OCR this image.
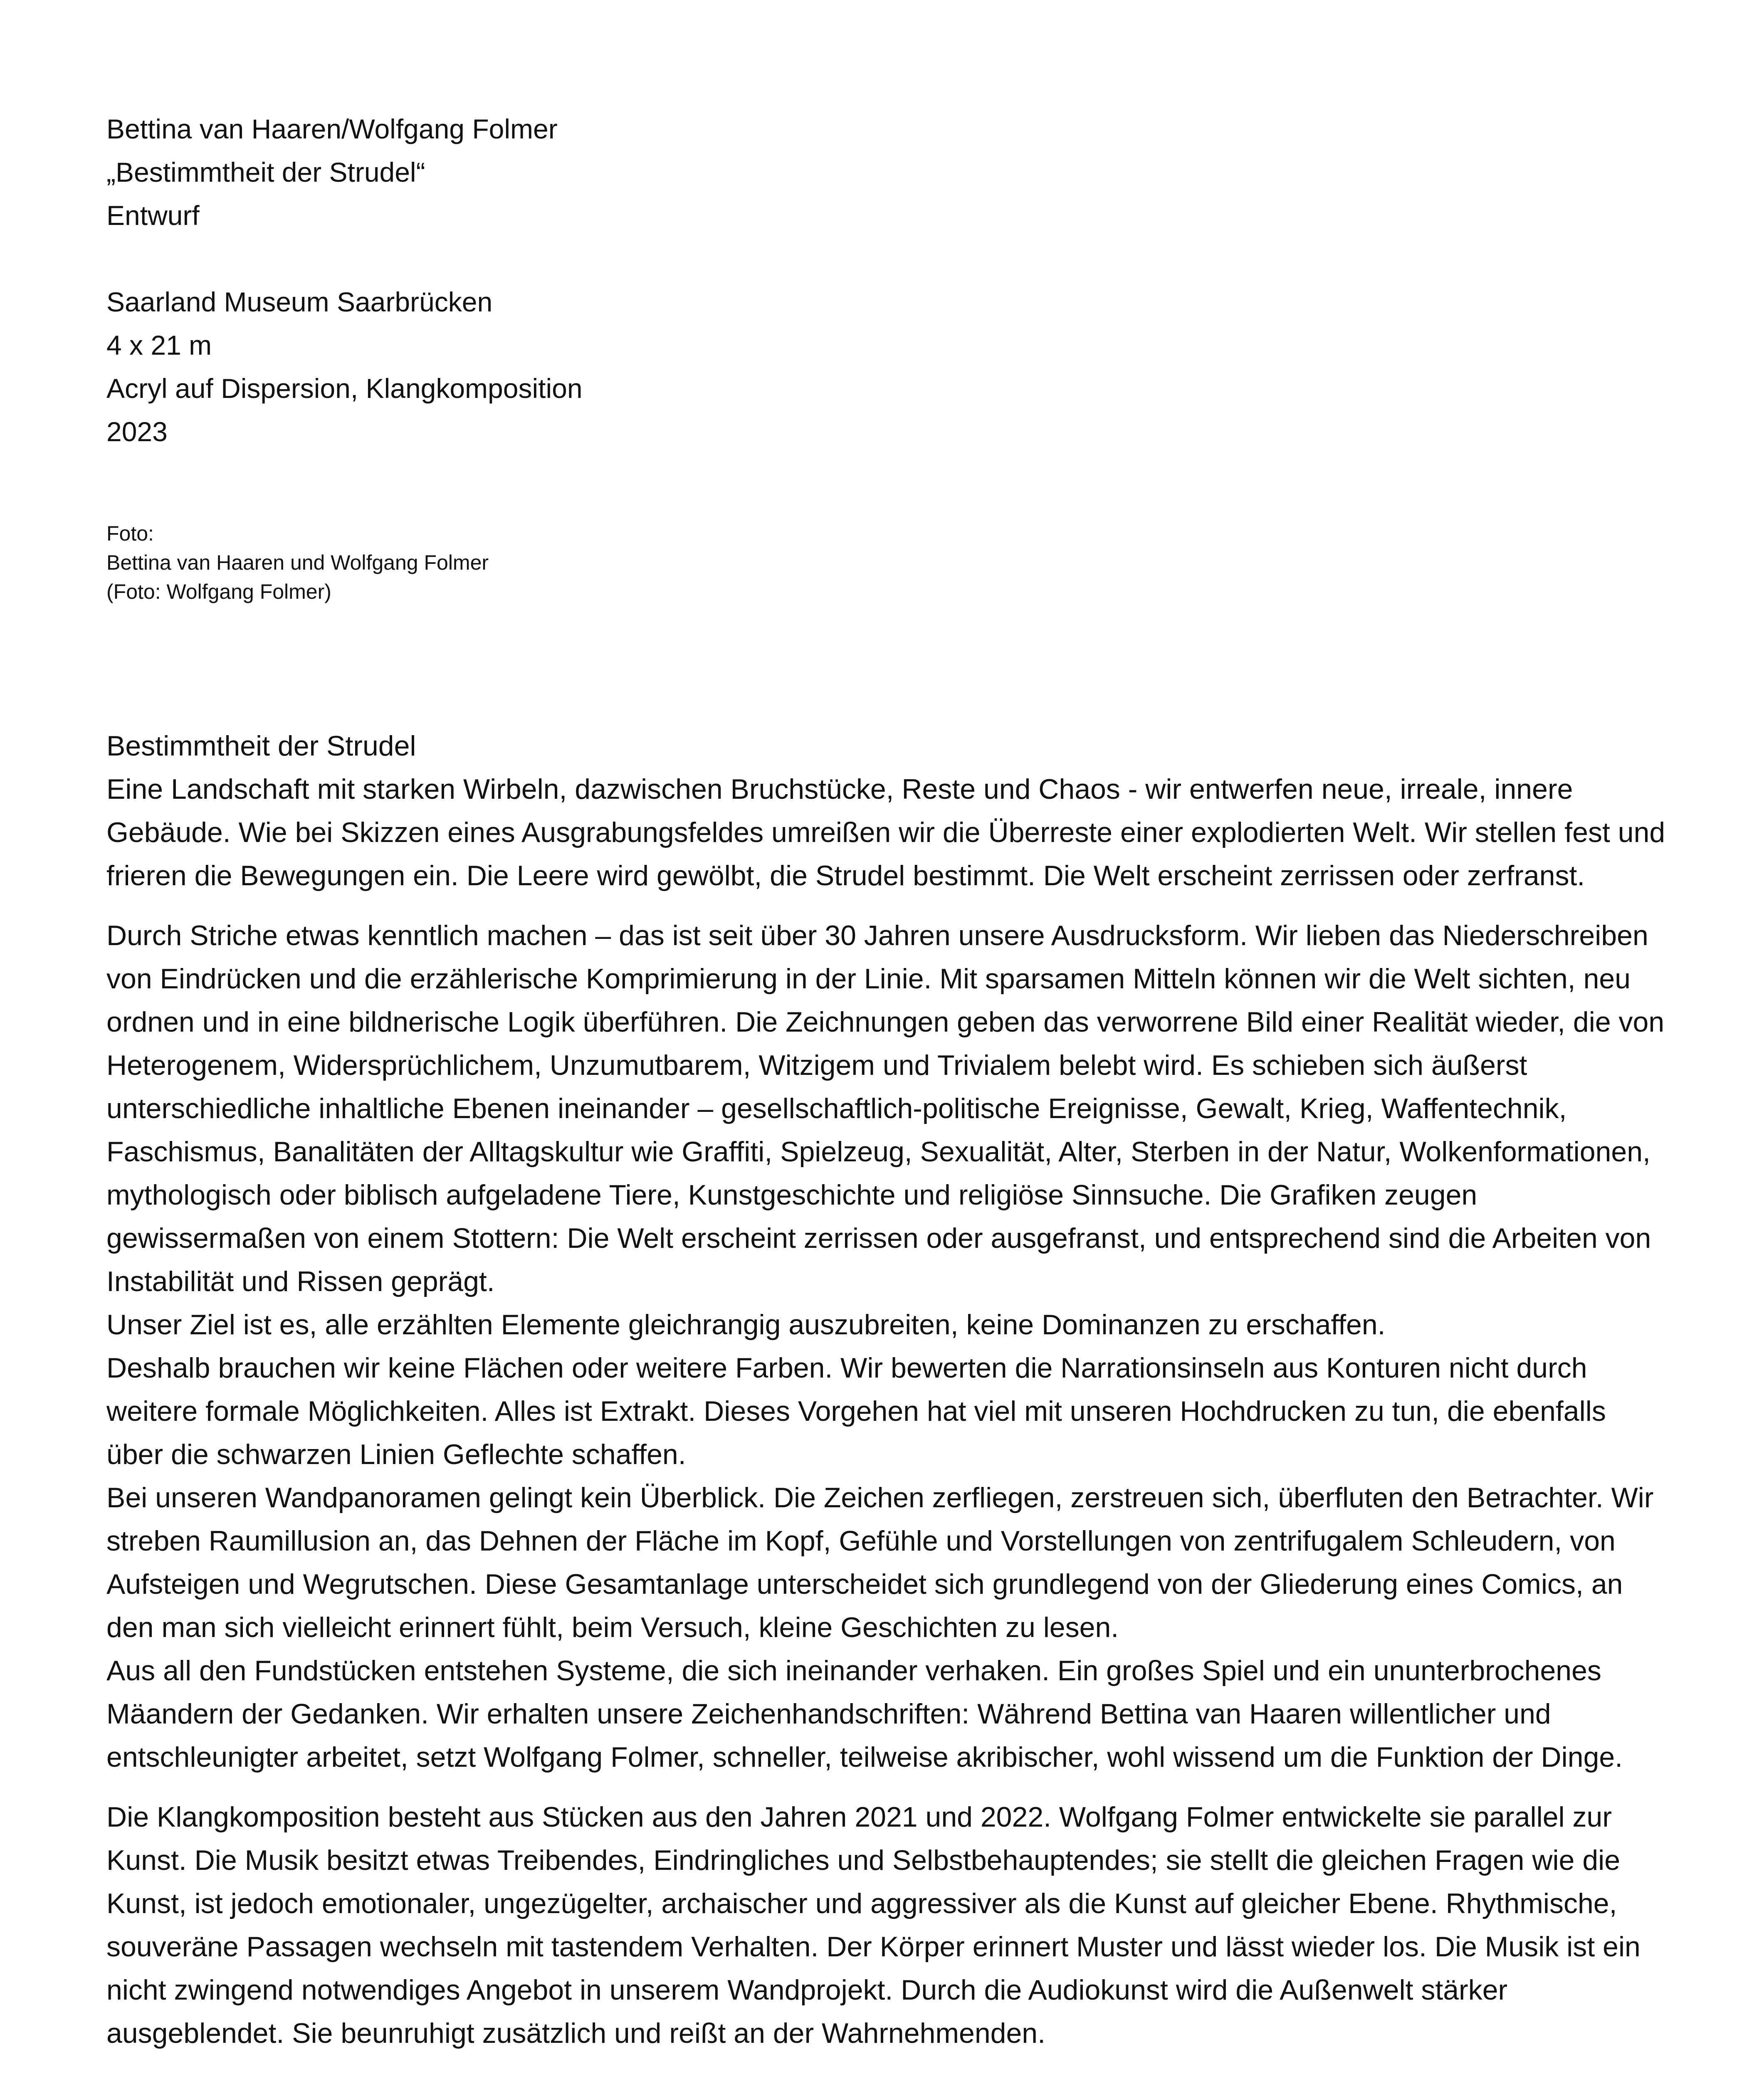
Bettina van Haaren/Wolfgang Folmer
„Bestimmtheit der Strudel“
Entwurf
Saarland Museum Saarbrücken
4 x 21 m
Acryl auf Dispersion, Klangkomposition
2023
Foto:
Bettina van Haaren und Wolfgang Folmer
(Foto: Wolfgang Folmer)
Bestimmtheit der Strudel

Eine Landschaft mit starken Wirbeln, dazwischen Bruchstücke, Reste und Chaos - wir entwerfen neue, irreale, innere Gebäude. Wie bei Skizzen eines Ausgrabungsfeldes umreißen wir die Überreste einer explodierten Welt. Wir stellen fest und frieren die Bewegungen ein. Die Leere wird gewölbt, die Strudel bestimmt. Die Welt erscheint zerrissen oder zerfranst.

Durch Striche etwas kenntlich machen – das ist seit über 30 Jahren unsere Ausdrucksform. Wir lieben das Niederschreiben von Eindrücken und die erzählerische Komprimierung in der Linie. Mit sparsamen Mitteln können wir die Welt sichten, neu ordnen und in eine bildnerische Logik überführen. Die Zeichnungen geben das verworrene Bild einer Realität wieder, die von Heterogenem, Widersprüchlichem, Unzumutbarem, Witzigem und Trivialem belebt wird. Es schieben sich äußerst unterschiedliche inhaltliche Ebenen ineinander – gesellschaftlich-politische Ereignisse, Gewalt, Krieg, Waffentechnik, Faschismus, Banalitäten der Alltagskultur wie Graffiti, Spielzeug, Sexualität, Alter, Sterben in der Natur, Wolkenformationen, mythologisch oder biblisch aufgeladene Tiere, Kunstgeschichte und religiöse Sinnsuche. Die Grafiken zeugen gewissermaßen von einem Stottern: Die Welt erscheint zerrissen oder ausgefranst, und entsprechend sind die Arbeiten von Instabilität und Rissen geprägt.

Unser Ziel ist es, alle erzählten Elemente gleichrangig auszubreiten, keine Dominanzen zu erschaffen.

Deshalb brauchen wir keine Flächen oder weitere Farben. Wir bewerten die Narrationsinseln aus Konturen nicht durch weitere formale Möglichkeiten. Alles ist Extrakt. Dieses Vorgehen hat viel mit unseren Hochdrucken zu tun, die ebenfalls über die schwarzen Linien Geflechte schaffen.

Bei unseren Wandpanoramen gelingt kein Überblick. Die Zeichen zerfliegen, zerstreuen sich, überfluten den Betrachter. Wir streben Raumillusion an, das Dehnen der Fläche im Kopf, Gefühle und Vorstellungen von zentrifugalem Schleudern, von Aufsteigen und Wegrutschen. Diese Gesamtanlage unterscheidet sich grundlegend von der Gliederung eines Comics, an den man sich vielleicht erinnert fühlt, beim Versuch, kleine Geschichten zu lesen.

Aus all den Fundstücken entstehen Systeme, die sich ineinander verhaken. Ein großes Spiel und ein ununterbrochenes Mäandern der Gedanken. Wir erhalten unsere Zeichenhandschriften: Während Bettina van Haaren willentlicher und entschleunigter arbeitet, setzt Wolfgang Folmer, schneller, teilweise akribischer, wohl wissend um die Funktion der Dinge.

Die Klangkomposition besteht aus Stücken aus den Jahren 2021 und 2022. Wolfgang Folmer entwickelte sie parallel zur Kunst. Die Musik besitzt etwas Treibendes, Eindringliches und Selbstbehauptendes; sie stellt die gleichen Fragen wie die Kunst, ist jedoch emotionaler, ungezügelter, archaischer und aggressiver als die Kunst auf gleicher Ebene. Rhythmische, souveräne Passagen wechseln mit tastendem Verhalten. Der Körper erinnert Muster und lässt wieder los. Die Musik ist ein nicht zwingend notwendiges Angebot in unserem Wandprojekt. Durch die Audiokunst wird die Außenwelt stärker ausgeblendet. Sie beunruhigt zusätzlich und reißt an der Wahrnehmenden.
